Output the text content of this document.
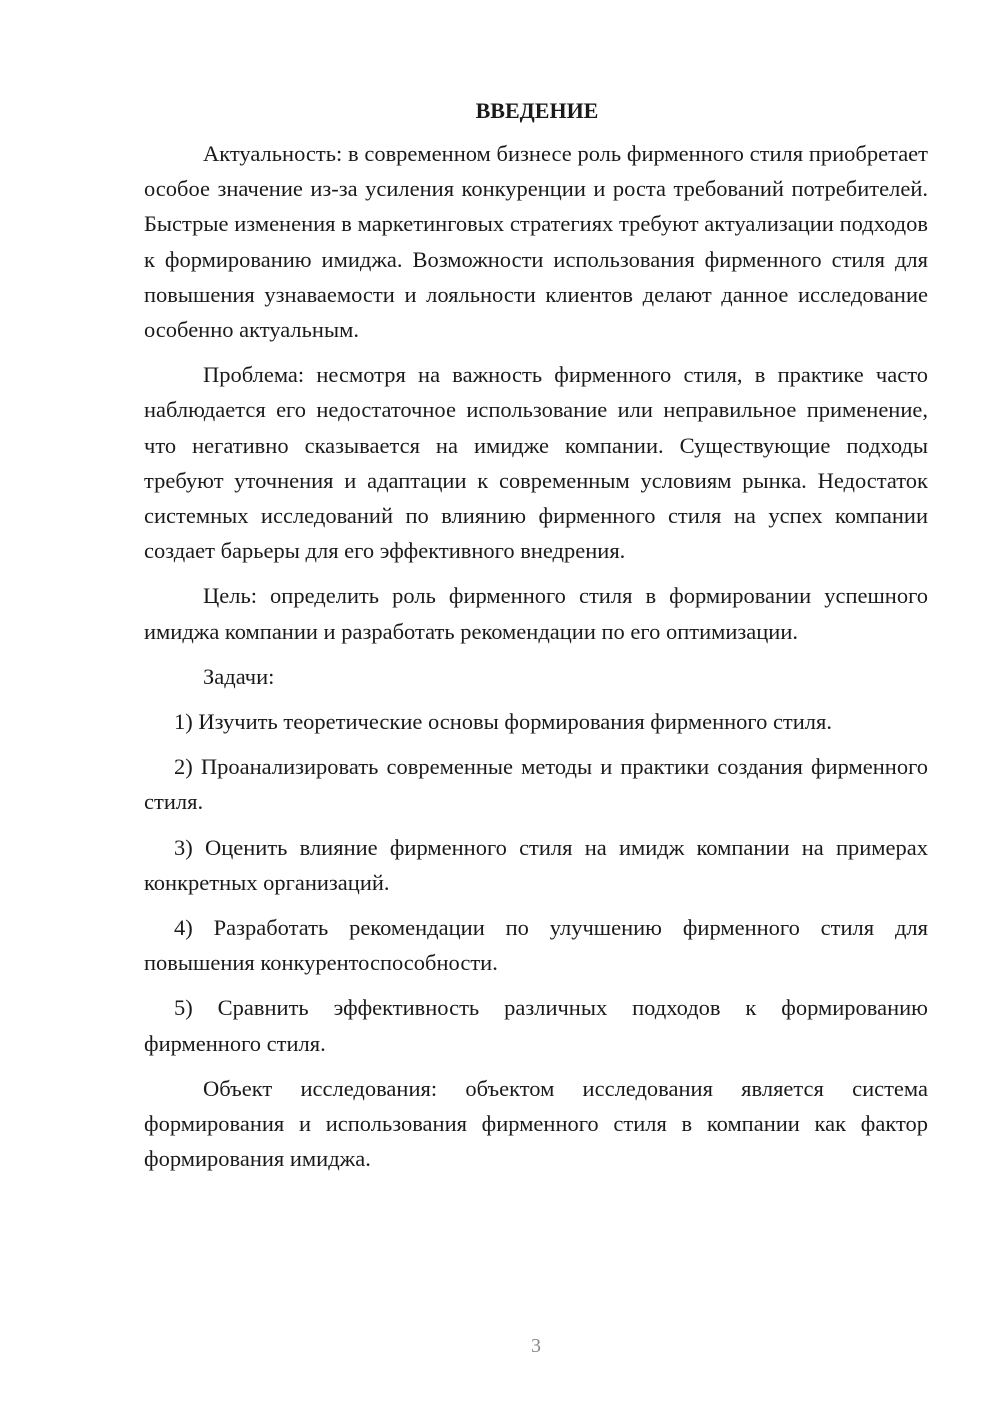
ВВЕДЕНИЕ

Актуальность: в современном бизнесе роль фирменного стиля приобретает особое значение из-за усиления конкуренции и роста требований потребителей. Быстрые изменения в маркетинговых стратегиях требуют актуализации подходов к формированию имиджа. Возможности использования фирменного стиля для повышения узнаваемости и лояльности клиентов делают данное исследование особенно актуальным.

Проблема: несмотря на важность фирменного стиля, в практике часто наблюдается его недостаточное использование или неправильное применение, что негативно сказывается на имидже компании. Существующие подходы требуют уточнения и адаптации к современным условиям рынка. Недостаток системных исследований по влиянию фирменного стиля на успех компании создает барьеры для его эффективного внедрения.

Цель: определить роль фирменного стиля в формировании успешного имиджа компании и разработать рекомендации по его оптимизации.

Задачи:

1) Изучить теоретические основы формирования фирменного стиля.

2) Проанализировать современные методы и практики создания фирменного стиля.

3) Оценить влияние фирменного стиля на имидж компании на примерах конкретных организаций.

4) Разработать рекомендации по улучшению фирменного стиля для повышения конкурентоспособности.

5) Сравнить эффективность различных подходов к формированию фирменного стиля.

Объект исследования: объектом исследования является система формирования и использования фирменного стиля в компании как фактор формирования имиджа.

3
